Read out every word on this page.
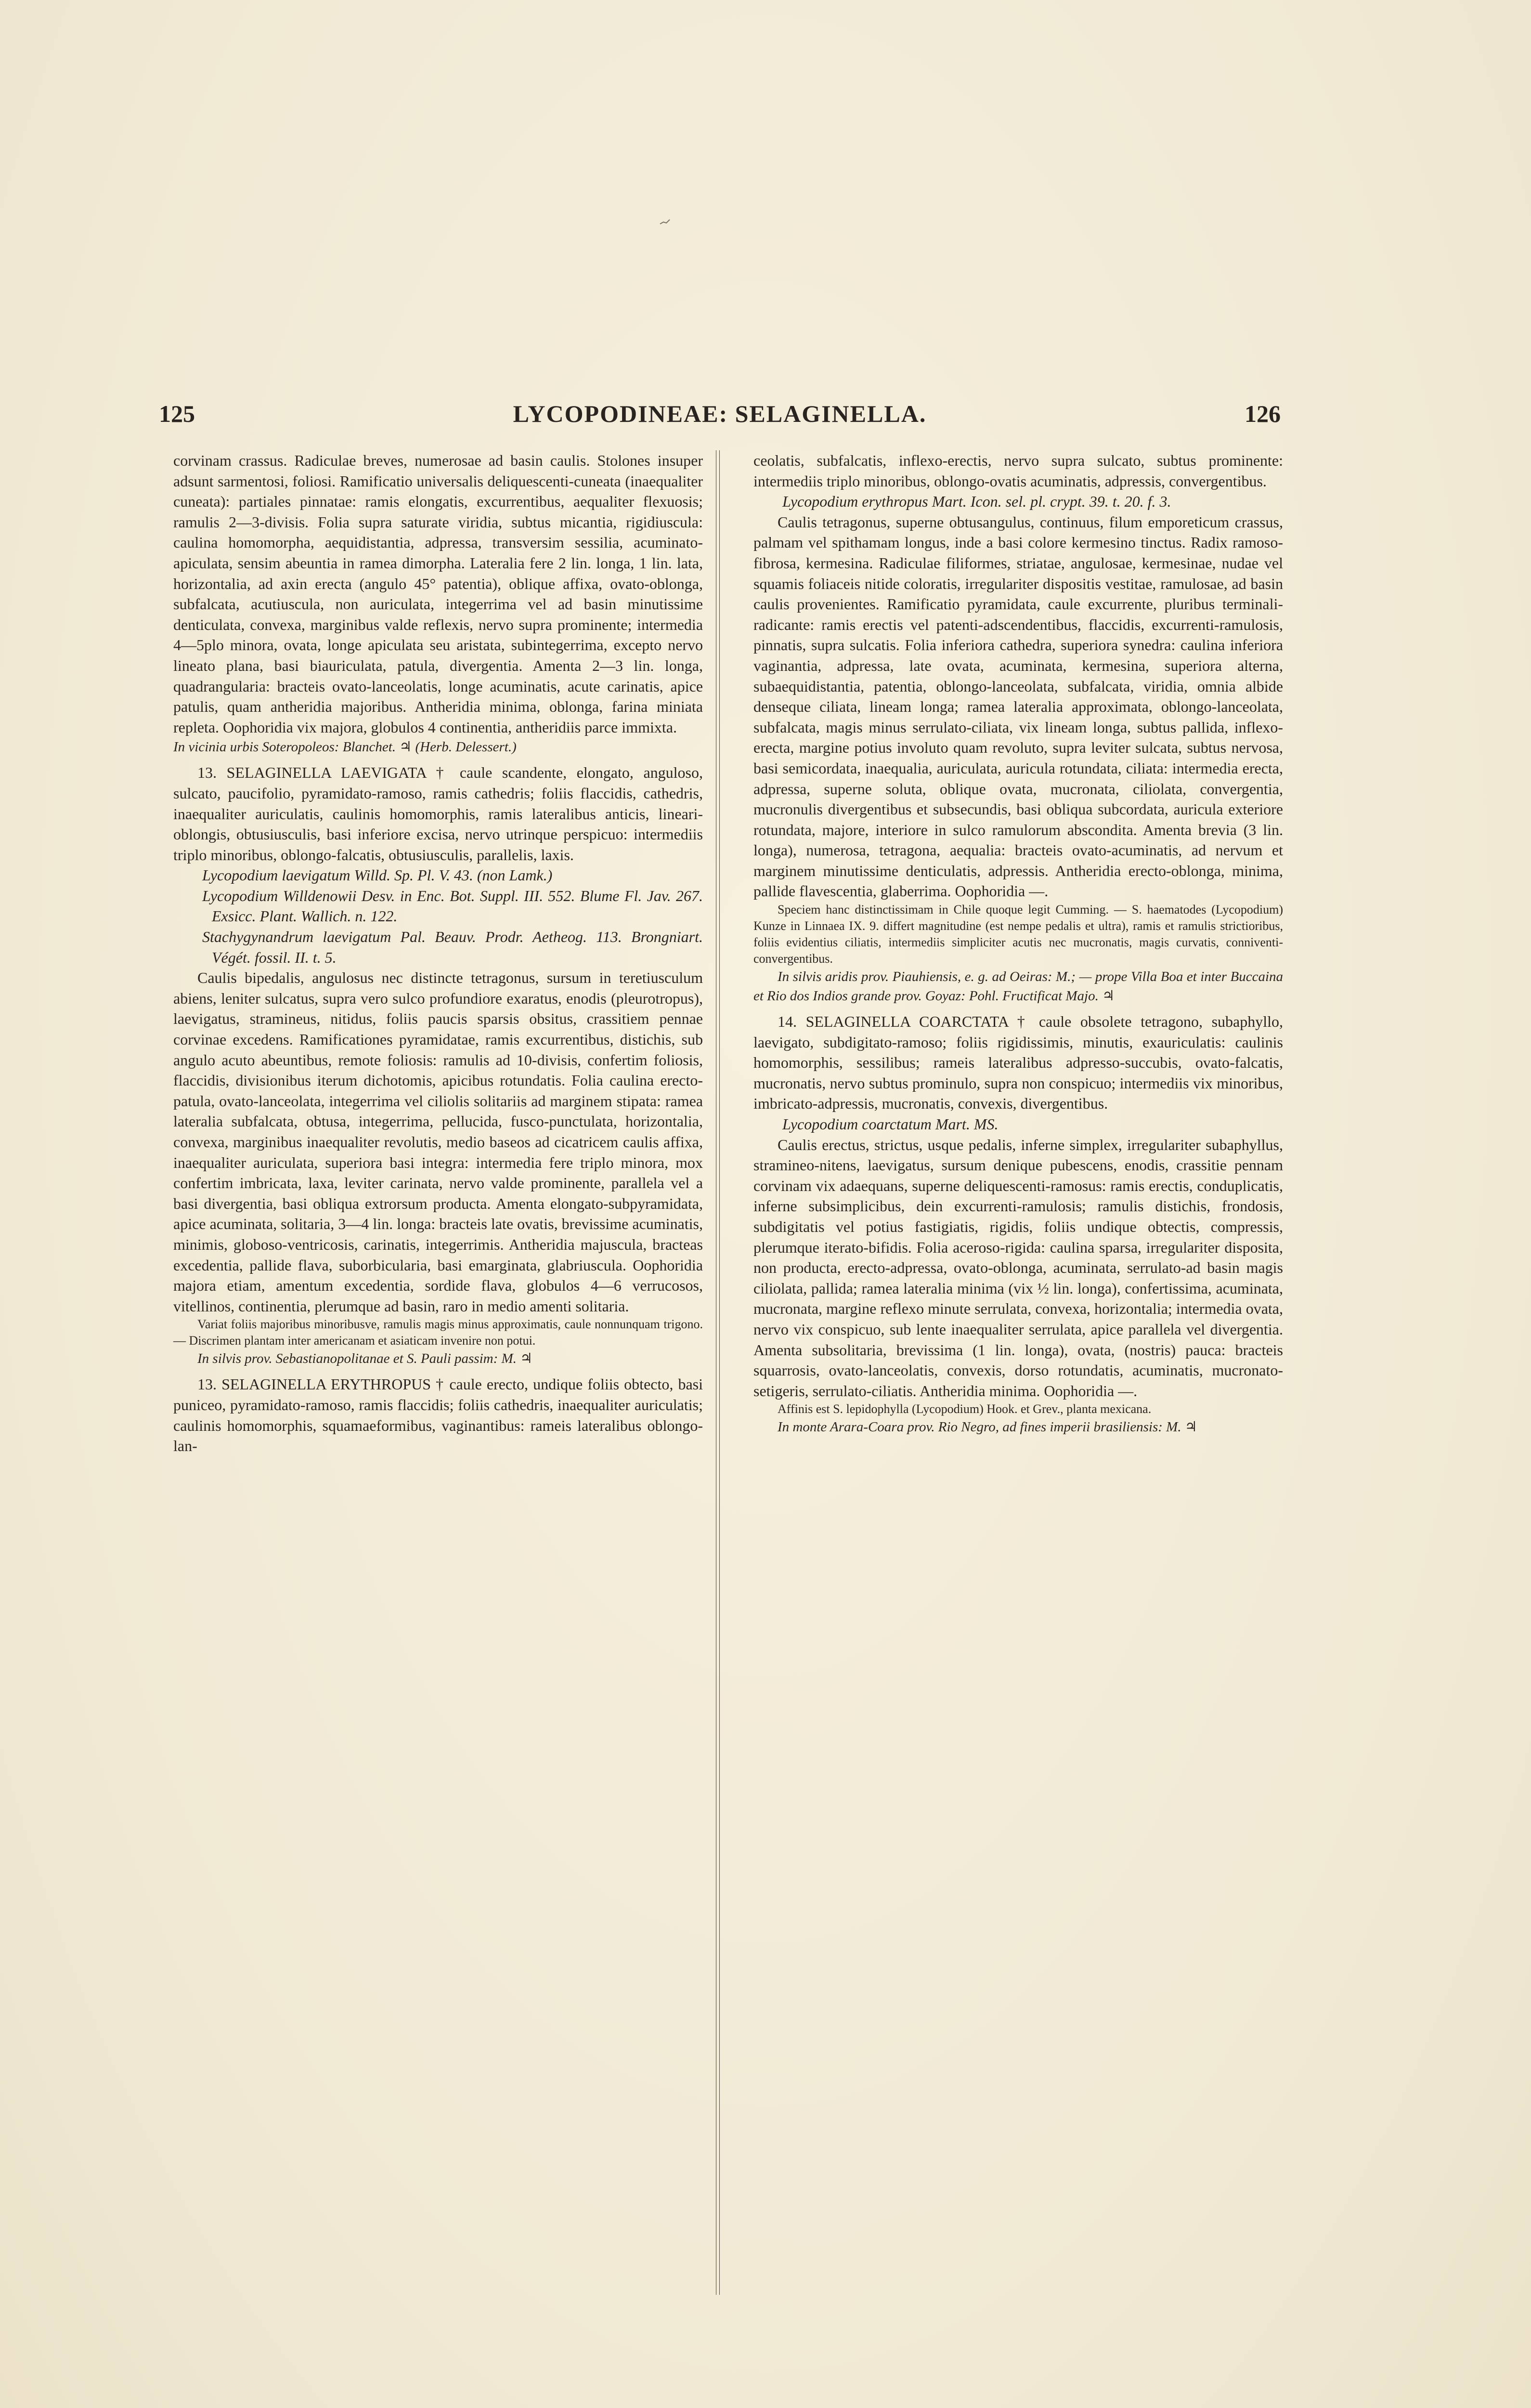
125	LYCOPODINEAE: SELAGINELLA.	126

corvinam crassus. Radiculae breves, numerosae ad basin caulis. Stolones insuper adsunt sarmentosi, foliosi. Ramificatio universalis deliquescenti-cuneata (inaequaliter cuneata): partiales pinnatae: ramis elongatis, excurrentibus, aequaliter flexuosis; ramulis 2—3-divisis. Folia supra saturate viridia, subtus micantia, rigidiuscula: caulina homomorpha, aequidistantia, adpressa, transversim sessilia, acuminato-apiculata, sensim abeuntia in ramea dimorpha. Lateralia fere 2 lin. longa, 1 lin. lata, horizontalia, ad axin erecta (angulo 45° patentia), oblique affixa, ovato-oblonga, subfalcata, acutiuscula, non auriculata, integerrima vel ad basin minutissime denticulata, convexa, marginibus valde reflexis, nervo supra prominente; intermedia 4—5plo minora, ovata, longe apiculata seu aristata, subintegerrima, excepto nervo lineato plana, basi biauriculata, patula, divergentia. Amenta 2—3 lin. longa, quadrangularia: bracteis ovato-lanceolatis, longe acuminatis, acute carinatis, apice patulis, quam antheridia majoribus. Antheridia minima, oblonga, farina miniata repleta. Oophoridia vix majora, globulos 4 continentia, antheridiis parce immixta.

In vicinia urbis Soteropoleos: Blanchet. ♃ (Herb. Delessert.)

13. SELAGINELLA LAEVIGATA † caule scandente, elongato, anguloso, sulcato, paucifolio, pyramidato-ramoso, ramis cathedris; foliis flaccidis, cathedris, inaequaliter auriculatis, caulinis homomorphis, ramis lateralibus anticis, lineari-oblongis, obtusiusculis, basi inferiore excisa, nervo utrinque perspicuo: intermediis triplo minoribus, oblongo-falcatis, obtusiusculis, parallelis, laxis.

Lycopodium laevigatum Willd. Sp. Pl. V. 43. (non Lamk.)

Lycopodium Willdenowii Desv. in Enc. Bot. Suppl. III. 552. Blume Fl. Jav. 267. Exsicc. Plant. Wallich. n. 122.

Stachygynandrum laevigatum Pal. Beauv. Prodr. Aetheog. 113. Brongniart. Végét. fossil. II. t. 5.

Caulis bipedalis, angulosus nec distincte tetragonus, sursum in teretiusculum abiens, leniter sulcatus, supra vero sulco profundiore exaratus, enodis (pleurotropus), laevigatus, stramineus, nitidus, foliis paucis sparsis obsitus, crassitiem pennae corvinae excedens. Ramificationes pyramidatae, ramis excurrentibus, distichis, sub angulo acuto abeuntibus, remote foliosis: ramulis ad 10-divisis, confertim foliosis, flaccidis, divisionibus iterum dichotomis, apicibus rotundatis. Folia caulina erecto-patula, ovato-lanceolata, integerrima vel ciliolis solitariis ad marginem stipata: ramea lateralia subfalcata, obtusa, integerrima, pellucida, fusco-punctulata, horizontalia, convexa, marginibus inaequaliter revolutis, medio baseos ad cicatricem caulis affixa, inaequaliter auriculata, superiora basi integra: intermedia fere triplo minora, mox confertim imbricata, laxa, leviter carinata, nervo valde prominente, parallela vel a basi divergentia, basi obliqua extrorsum producta. Amenta elongato-subpyramidata, apice acuminata, solitaria, 3—4 lin. longa: bracteis late ovatis, brevissime acuminatis, minimis, globoso-ventricosis, carinatis, integerrimis. Antheridia majuscula, bracteas excedentia, pallide flava, suborbicularia, basi emarginata, glabriuscula. Oophoridia majora etiam, amentum excedentia, sordide flava, globulos 4—6 verrucosos, vitellinos, continentia, plerumque ad basin, raro in medio amenti solitaria.

Variat foliis majoribus minoribusve, ramulis magis minus approximatis, caule nonnunquam trigono. — Discrimen plantam inter americanam et asiaticam invenire non potui.

In silvis prov. Sebastianopolitanae et S. Pauli passim: M. ♃

13. SELAGINELLA ERYTHROPUS † caule erecto, undique foliis obtecto, basi puniceo, pyramidato-ramoso, ramis flaccidis; foliis cathedris, inaequaliter auriculatis; caulinis homomorphis, squamaeformibus, vaginantibus: rameis lateralibus oblongo-lan-

ceolatis, subfalcatis, inflexo-erectis, nervo supra sulcato, subtus prominente: intermediis triplo minoribus, oblongo-ovatis acuminatis, adpressis, convergentibus.

Lycopodium erythropus Mart. Icon. sel. pl. crypt. 39. t. 20. f. 3.

Caulis tetragonus, superne obtusangulus, continuus, filum emporeticum crassus, palmam vel spithamam longus, inde a basi colore kermesino tinctus. Radix ramoso-fibrosa, kermesina. Radiculae filiformes, striatae, angulosae, kermesinae, nudae vel squamis foliaceis nitide coloratis, irregulariter dispositis vestitae, ramulosae, ad basin caulis provenientes. Ramificatio pyramidata, caule excurrente, pluribus terminali-radicante: ramis erectis vel patenti-adscendentibus, flaccidis, excurrenti-ramulosis, pinnatis, supra sulcatis. Folia inferiora cathedra, superiora synedra: caulina inferiora vaginantia, adpressa, late ovata, acuminata, kermesina, superiora alterna, subaequidistantia, patentia, oblongo-lanceolata, subfalcata, viridia, omnia albide denseque ciliata, lineam longa; ramea lateralia approximata, oblongo-lanceolata, subfalcata, magis minus serrulato-ciliata, vix lineam longa, subtus pallida, inflexo-erecta, margine potius involuto quam revoluto, supra leviter sulcata, subtus nervosa, basi semicordata, inaequalia, auriculata, auricula rotundata, ciliata: intermedia erecta, adpressa, superne soluta, oblique ovata, mucronata, ciliolata, convergentia, mucronulis divergentibus et subsecundis, basi obliqua subcordata, auricula exteriore rotundata, majore, interiore in sulco ramulorum abscondita. Amenta brevia (3 lin. longa), numerosa, tetragona, aequalia: bracteis ovato-acuminatis, ad nervum et marginem minutissime denticulatis, adpressis. Antheridia erecto-oblonga, minima, pallide flavescentia, glaberrima. Oophoridia —.

Speciem hanc distinctissimam in Chile quoque legit Cumming. — S. haematodes (Lycopodium) Kunze in Linnaea IX. 9. differt magnitudine (est nempe pedalis et ultra), ramis et ramulis strictioribus, foliis evidentius ciliatis, intermediis simpliciter acutis nec mucronatis, magis curvatis, conniventi-convergentibus.

In silvis aridis prov. Piauhiensis, e. g. ad Oeiras: M.; — prope Villa Boa et inter Buccaina et Rio dos Indios grande prov. Goyaz: Pohl. Fructificat Majo. ♃

14. SELAGINELLA COARCTATA † caule obsolete tetragono, subaphyllo, laevigato, subdigitato-ramoso; foliis rigidissimis, minutis, exauriculatis: caulinis homomorphis, sessilibus; rameis lateralibus adpresso-succubis, ovato-falcatis, mucronatis, nervo subtus prominulo, supra non conspicuo; intermediis vix minoribus, imbricato-adpressis, mucronatis, convexis, divergentibus.

Lycopodium coarctatum Mart. MS.

Caulis erectus, strictus, usque pedalis, inferne simplex, irregulariter subaphyllus, stramineo-nitens, laevigatus, sursum denique pubescens, enodis, crassitie pennam corvinam vix adaequans, superne deliquescenti-ramosus: ramis erectis, conduplicatis, inferne subsimplicibus, dein excurrenti-ramulosis; ramulis distichis, frondosis, subdigitatis vel potius fastigiatis, rigidis, foliis undique obtectis, compressis, plerumque iterato-bifidis. Folia aceroso-rigida: caulina sparsa, irregulariter disposita, non producta, erecto-adpressa, ovato-oblonga, acuminata, serrulato-ad basin magis ciliolata, pallida; ramea lateralia minima (vix ½ lin. longa), confertissima, acuminata, mucronata, margine reflexo minute serrulata, convexa, horizontalia; intermedia ovata, nervo vix conspicuo, sub lente inaequaliter serrulata, apice parallela vel divergentia. Amenta subsolitaria, brevissima (1 lin. longa), ovata, (nostris) pauca: bracteis squarrosis, ovato-lanceolatis, convexis, dorso rotundatis, acuminatis, mucronato-setigeris, serrulato-ciliatis. Antheridia minima. Oophoridia —.

Affinis est S. lepidophylla (Lycopodium) Hook. et Grev., planta mexicana.

In monte Arara-Coara prov. Rio Negro, ad fines imperii brasiliensis: M. ♃
